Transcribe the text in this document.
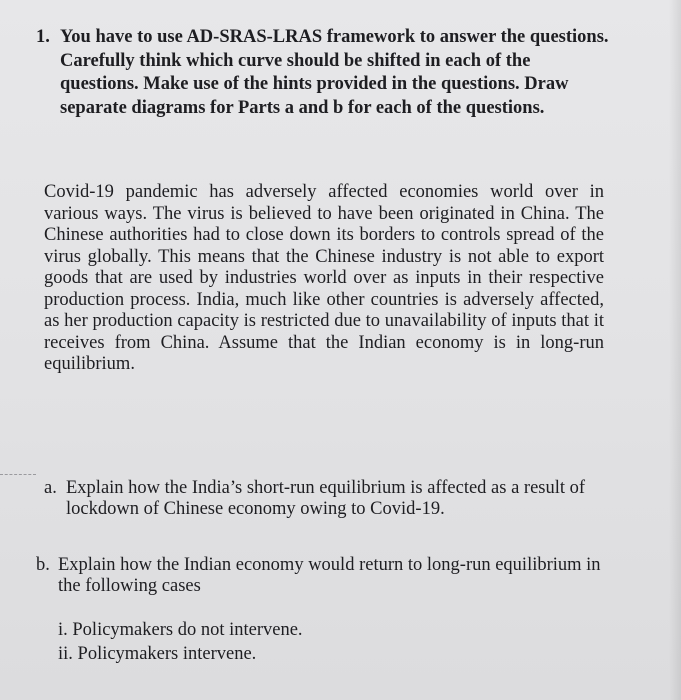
1. You have to use AD-SRAS-LRAS framework to answer the questions. Carefully think which curve should be shifted in each of the questions. Make use of the hints provided in the questions. Draw separate diagrams for Parts a and b for each of the questions.
Covid-19 pandemic has adversely affected economies world over in various ways. The virus is believed to have been originated in China. The Chinese authorities had to close down its borders to controls spread of the virus globally. This means that the Chinese industry is not able to export goods that are used by industries world over as inputs in their respective production process. India, much like other countries is adversely affected, as her production capacity is restricted due to unavailability of inputs that it receives from China. Assume that the Indian economy is in long-run equilibrium.
a. Explain how the India’s short-run equilibrium is affected as a result of lockdown of Chinese economy owing to Covid-19.
b. Explain how the Indian economy would return to long-run equilibrium in the following cases
i. Policymakers do not intervene.
ii. Policymakers intervene.
